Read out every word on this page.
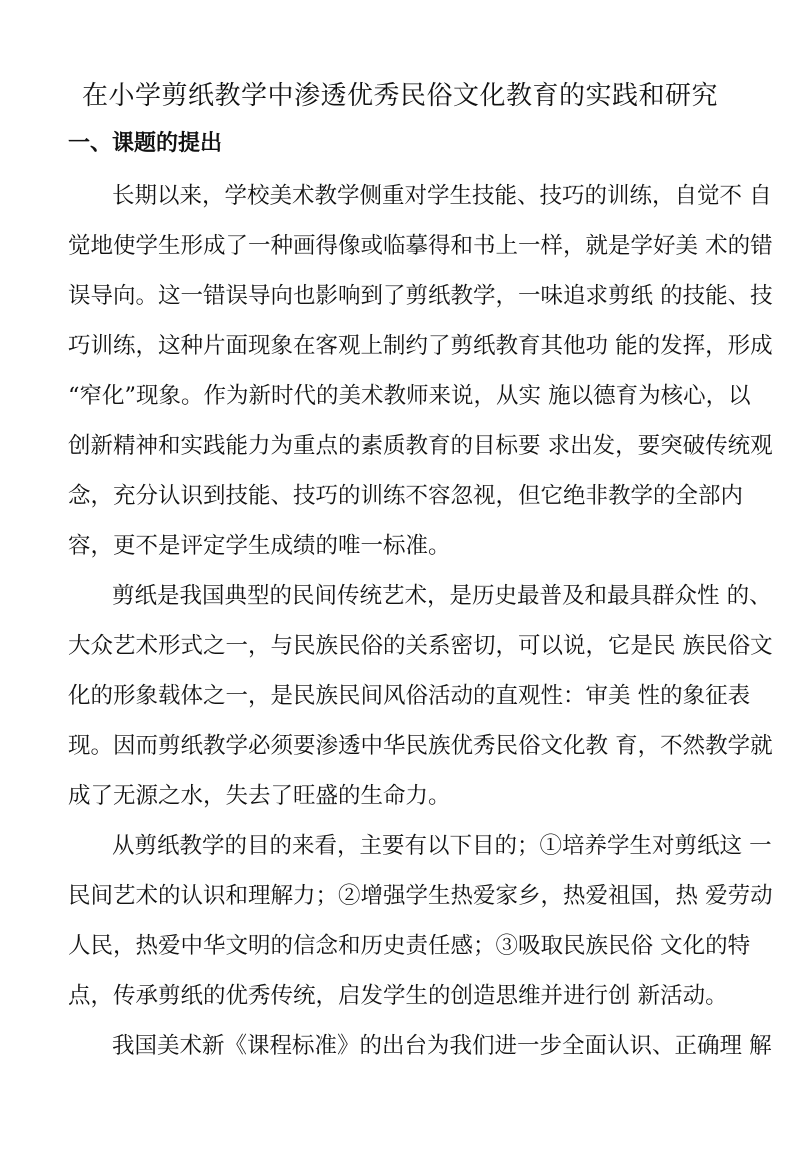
在小学剪纸教学中渗透优秀民俗文化教育的实践和研究
一、课题的提出
长期以来，学校美术教学侧重对学生技能、技巧的训练，自觉不 自
觉地使学生形成了一种画得像或临摹得和书上一样，就是学好美 术的错
误导向。这一错误导向也影响到了剪纸教学，一味追求剪纸 的技能、技
巧训练，这种片面现象在客观上制约了剪纸教育其他功 能的发挥，形成
“窄化”现象。作为新时代的美术教师来说，从实 施以德育为核心，以
创新精神和实践能力为重点的素质教育的目标要 求出发，要突破传统观
念，充分认识到技能、技巧的训练不容忽视，但它绝非教学的全部内
容，更不是评定学生成绩的唯一标准。
剪纸是我国典型的民间传统艺术，是历史最普及和最具群众性 的、
大众艺术形式之一，与民族民俗的关系密切，可以说，它是民 族民俗文
化的形象载体之一，是民族民间风俗活动的直观性：审美 性的象征表
现。因而剪纸教学必须要渗透中华民族优秀民俗文化教 育，不然教学就
成了无源之水，失去了旺盛的生命力。
从剪纸教学的目的来看，主要有以下目的；①培养学生对剪纸这 一
民间艺术的认识和理解力；②增强学生热爱家乡，热爱祖国，热 爱劳动
人民，热爱中华文明的信念和历史责任感；③吸取民族民俗 文化的特
点，传承剪纸的优秀传统，启发学生的创造思维并进行创 新活动。
我国美术新《课程标准》的出台为我们进一步全面认识、正确理 解
